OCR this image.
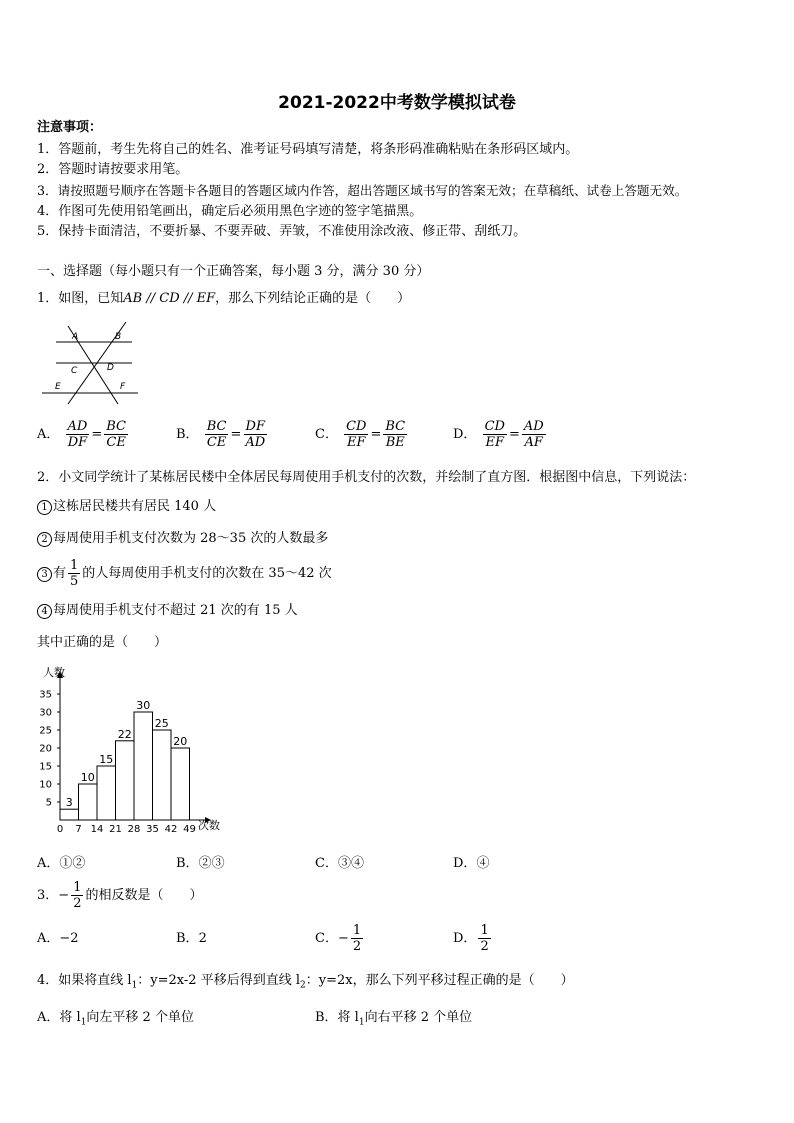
2021-2022中考数学模拟试卷
注意事项：
1．答题前，考生先将自己的姓名、准考证号码填写清楚，将条形码准确粘贴在条形码区域内。
2．答题时请按要求用笔。
3．请按照题号顺序在答题卡各题目的答题区域内作答，超出答题区域书写的答案无效；在草稿纸、试卷上答题无效。
4．作图可先使用铅笔画出，确定后必须用黑色字迹的签字笔描黑。
5．保持卡面清洁，不要折暴、不要弄破、弄皱，不准使用涂改液、修正带、刮纸刀。
一、选择题（每小题只有一个正确答案，每小题 3 分，满分 30 分）
1．如图，已知AB // CD // EF，那么下列结论正确的是（　　）
A	B
C	D
E	F
A． $\frac{AD}{DF} = \frac{BC}{CE}$	B． $\frac{BC}{CE} = \frac{DF}{AD}$	C． $\frac{CD}{EF} = \frac{BC}{BE}$	D． $\frac{CD}{EF} = \frac{AD}{AF}$
2．小文同学统计了某栋居民楼中全体居民每周使用手机支付的次数，并绘制了直方图．根据图中信息，下列说法：
1 这栋居民楼共有居民 140 人
2 每周使用手机支付次数为 28～35 次的人数最多
3 有 $\frac{1}{5}$ 的人每周使用手机支付的次数在 35～42 次
4 每周使用手机支付不超过 21 次的有 15 人
其中正确的是（　　）
人数
次数
3
10
15
22
30
25
20
0 7 14 21 28 35 42 49
5
10
15
20
25
30
35
A．①②	B．②③	C．③④	D．④
3．− $\frac{1}{2}$ 的相反数是（　　）
A．−2	B．2	C．− $\frac{1}{2}$	D． $\frac{1}{2}$
4．如果将直线 $l_1$：y=2x-2 平移后得到直线 $l_2$：y=2x，那么下列平移过程正确的是（　　）
A．将 $l_1$向左平移 2 个单位	B．将 $l_1$向右平移 2 个单位
